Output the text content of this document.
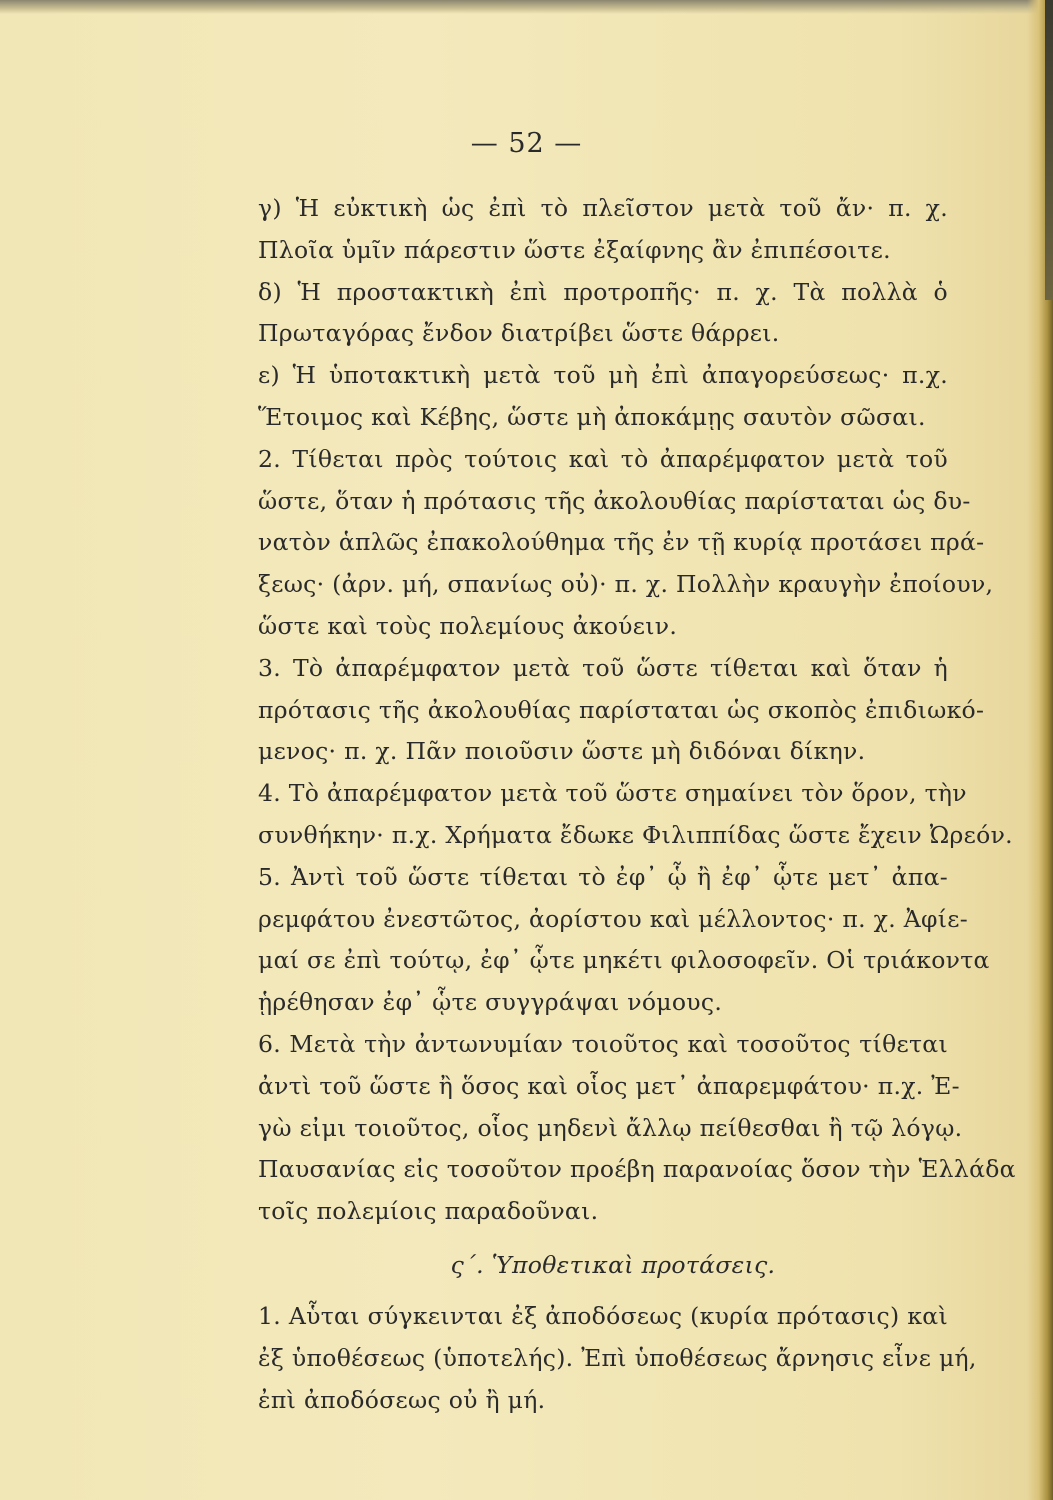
— 52 —
γ) Ἡ εὐκτικὴ ὡς ἐπὶ τὸ πλεῖστον μετὰ τοῦ ἄν· π. χ.
Πλοῖα ὑμῖν πάρεστιν ὥστε ἐξαίφνης ἂν ἐπιπέσοιτε.
δ) Ἡ προστακτικὴ ἐπὶ προτροπῆς· π. χ. Τὰ πολλὰ ὁ
Πρωταγόρας ἔνδον διατρίβει ὥστε θάρρει.
ε) Ἡ ὑποτακτικὴ μετὰ τοῦ μὴ ἐπὶ ἀπαγορεύσεως· π.χ.
Ἕτοιμος καὶ Κέβης, ὥστε μὴ ἀποκάμῃς σαυτὸν σῶσαι.
2. Τίθεται πρὸς τούτοις καὶ τὸ ἀπαρέμφατον μετὰ τοῦ
ὥστε, ὅταν ἡ πρότασις τῆς ἀκολουθίας παρίσταται ὡς δυ-
νατὸν ἁπλῶς ἐπακολούθημα τῆς ἐν τῇ κυρίᾳ προτάσει πρά-
ξεως· (ἀρν. μή, σπανίως οὐ)· π. χ. Πολλὴν κραυγὴν ἐποίουν,
ὥστε καὶ τοὺς πολεμίους ἀκούειν.
3. Τὸ ἀπαρέμφατον μετὰ τοῦ ὥστε τίθεται καὶ ὅταν ἡ
πρότασις τῆς ἀκολουθίας παρίσταται ὡς σκοπὸς ἐπιδιωκό-
μενος· π. χ. Πᾶν ποιοῦσιν ὥστε μὴ διδόναι δίκην.
4. Τὸ ἀπαρέμφατον μετὰ τοῦ ὥστε σημαίνει τὸν ὅρον, τὴν
συνθήκην· π.χ. Χρήματα ἔδωκε Φιλιππίδας ὥστε ἔχειν Ὠρεόν.
5. Ἀντὶ τοῦ ὥστε τίθεται τὸ ἐφ᾽ ᾧ ἢ ἐφ᾽ ᾧτε μετ᾽ ἀπα-
ρεμφάτου ἐνεστῶτος, ἀορίστου καὶ μέλλοντος· π. χ. Ἀφίε-
μαί σε ἐπὶ τούτῳ, ἐφ᾽ ᾧτε μηκέτι φιλοσοφεῖν. Οἱ τριάκοντα
ᾑρέθησαν ἐφ᾽ ᾧτε συγγράψαι νόμους.
6. Μετὰ τὴν ἀντωνυμίαν τοιοῦτος καὶ τοσοῦτος τίθεται
ἀντὶ τοῦ ὥστε ἢ ὅσος καὶ οἷος μετ᾽ ἀπαρεμφάτου· π.χ. Ἐ-
γὼ εἰμι τοιοῦτος, οἷος μηδενὶ ἄλλῳ πείθεσθαι ἢ τῷ λόγῳ.
Παυσανίας εἰς τοσοῦτον προέβη παρανοίας ὅσον τὴν Ἑλλάδα
τοῖς πολεμίοις παραδοῦναι.
ς΄. Ὑποθετικαὶ προτάσεις.
1. Αὗται σύγκεινται ἐξ ἀποδόσεως (κυρία πρότασις) καὶ
ἐξ ὑποθέσεως (ὑποτελής). Ἐπὶ ὑποθέσεως ἄρνησις εἶνε μή,
ἐπὶ ἀποδόσεως οὐ ἢ μή.
